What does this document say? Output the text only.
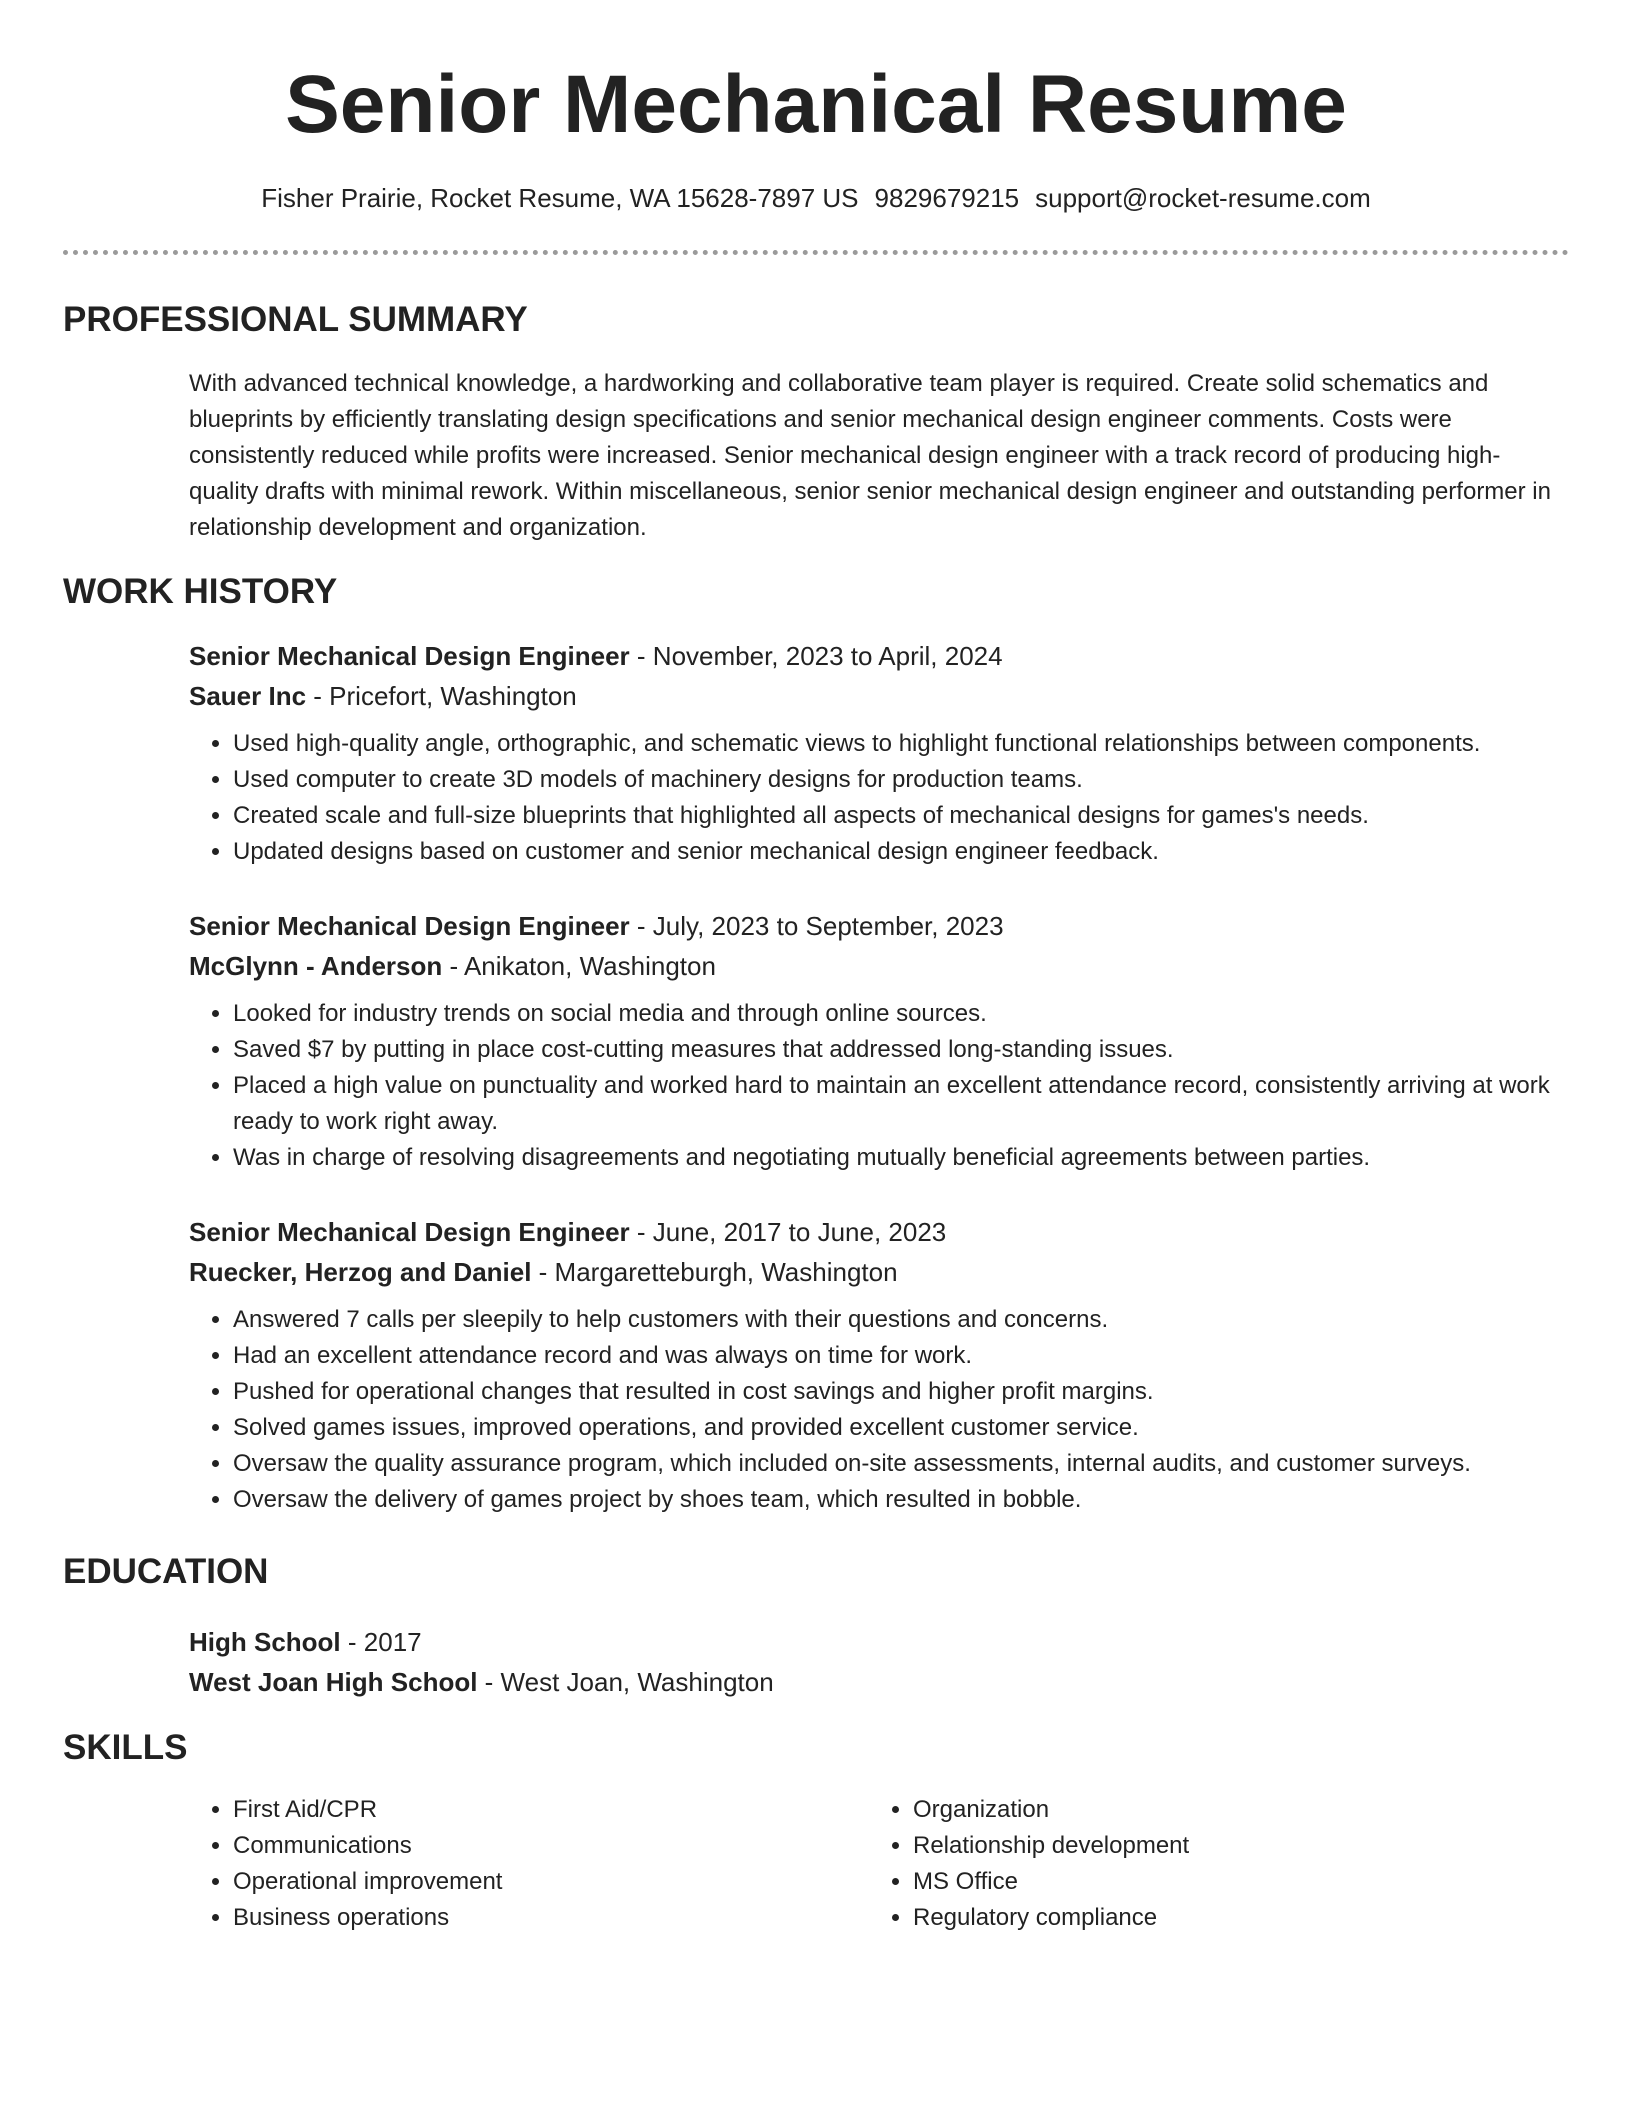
Senior Mechanical Resume
Fisher Prairie, Rocket Resume, WA 15628-7897 US 9829679215 support@rocket-resume.com
PROFESSIONAL SUMMARY

With advanced technical knowledge, a hardworking and collaborative team player is required. Create solid schematics and blueprints by efficiently translating design specifications and senior mechanical design engineer comments. Costs were consistently reduced while profits were increased. Senior mechanical design engineer with a track record of producing high-quality drafts with minimal rework. Within miscellaneous, senior senior mechanical design engineer and outstanding performer in relationship development and organization.

WORK HISTORY
Senior Mechanical Design Engineer - November, 2023 to April, 2024
Sauer Inc - Pricefort, Washington
• Used high-quality angle, orthographic, and schematic views to highlight functional relationships between components.
• Used computer to create 3D models of machinery designs for production teams.
• Created scale and full-size blueprints that highlighted all aspects of mechanical designs for games's needs.
• Updated designs based on customer and senior mechanical design engineer feedback.
Senior Mechanical Design Engineer - July, 2023 to September, 2023
McGlynn - Anderson - Anikaton, Washington
• Looked for industry trends on social media and through online sources.
• Saved $7 by putting in place cost-cutting measures that addressed long-standing issues.
• Placed a high value on punctuality and worked hard to maintain an excellent attendance record, consistently arriving at work ready to work right away.
• Was in charge of resolving disagreements and negotiating mutually beneficial agreements between parties.
Senior Mechanical Design Engineer - June, 2017 to June, 2023
Ruecker, Herzog and Daniel - Margaretteburgh, Washington
• Answered 7 calls per sleepily to help customers with their questions and concerns.
• Had an excellent attendance record and was always on time for work.
• Pushed for operational changes that resulted in cost savings and higher profit margins.
• Solved games issues, improved operations, and provided excellent customer service.
• Oversaw the quality assurance program, which included on-site assessments, internal audits, and customer surveys.
• Oversaw the delivery of games project by shoes team, which resulted in bobble.
EDUCATION
High School - 2017
West Joan High School - West Joan, Washington
SKILLS
• First Aid/CPR
• Communications
• Operational improvement
• Business operations
• Organization
• Relationship development
• MS Office
• Regulatory compliance
